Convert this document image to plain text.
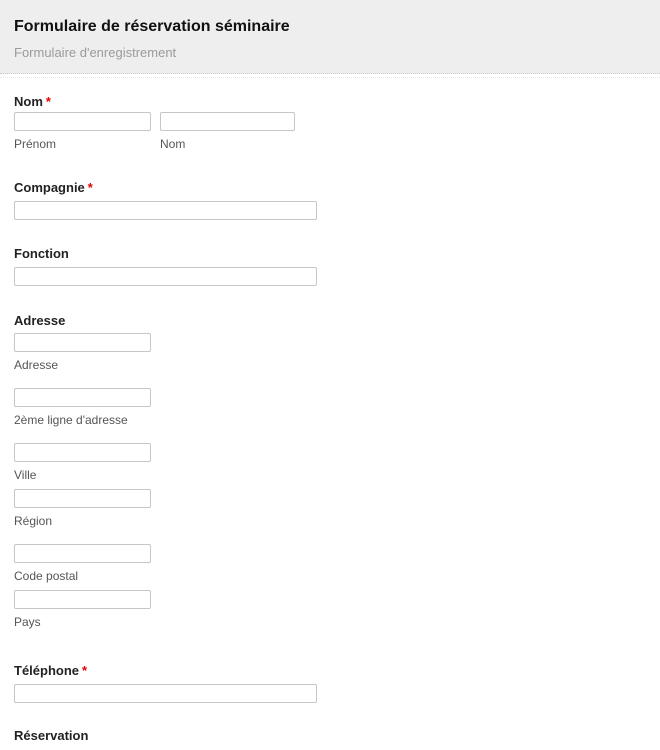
Formulaire de réservation séminaire
Formulaire d'enregistrement
Nom *
Prénom	Nom
Compagnie *
Fonction
Adresse
Adresse
2ème ligne d'adresse
Ville
Région
Code postal
Pays
Téléphone *
Réservation
